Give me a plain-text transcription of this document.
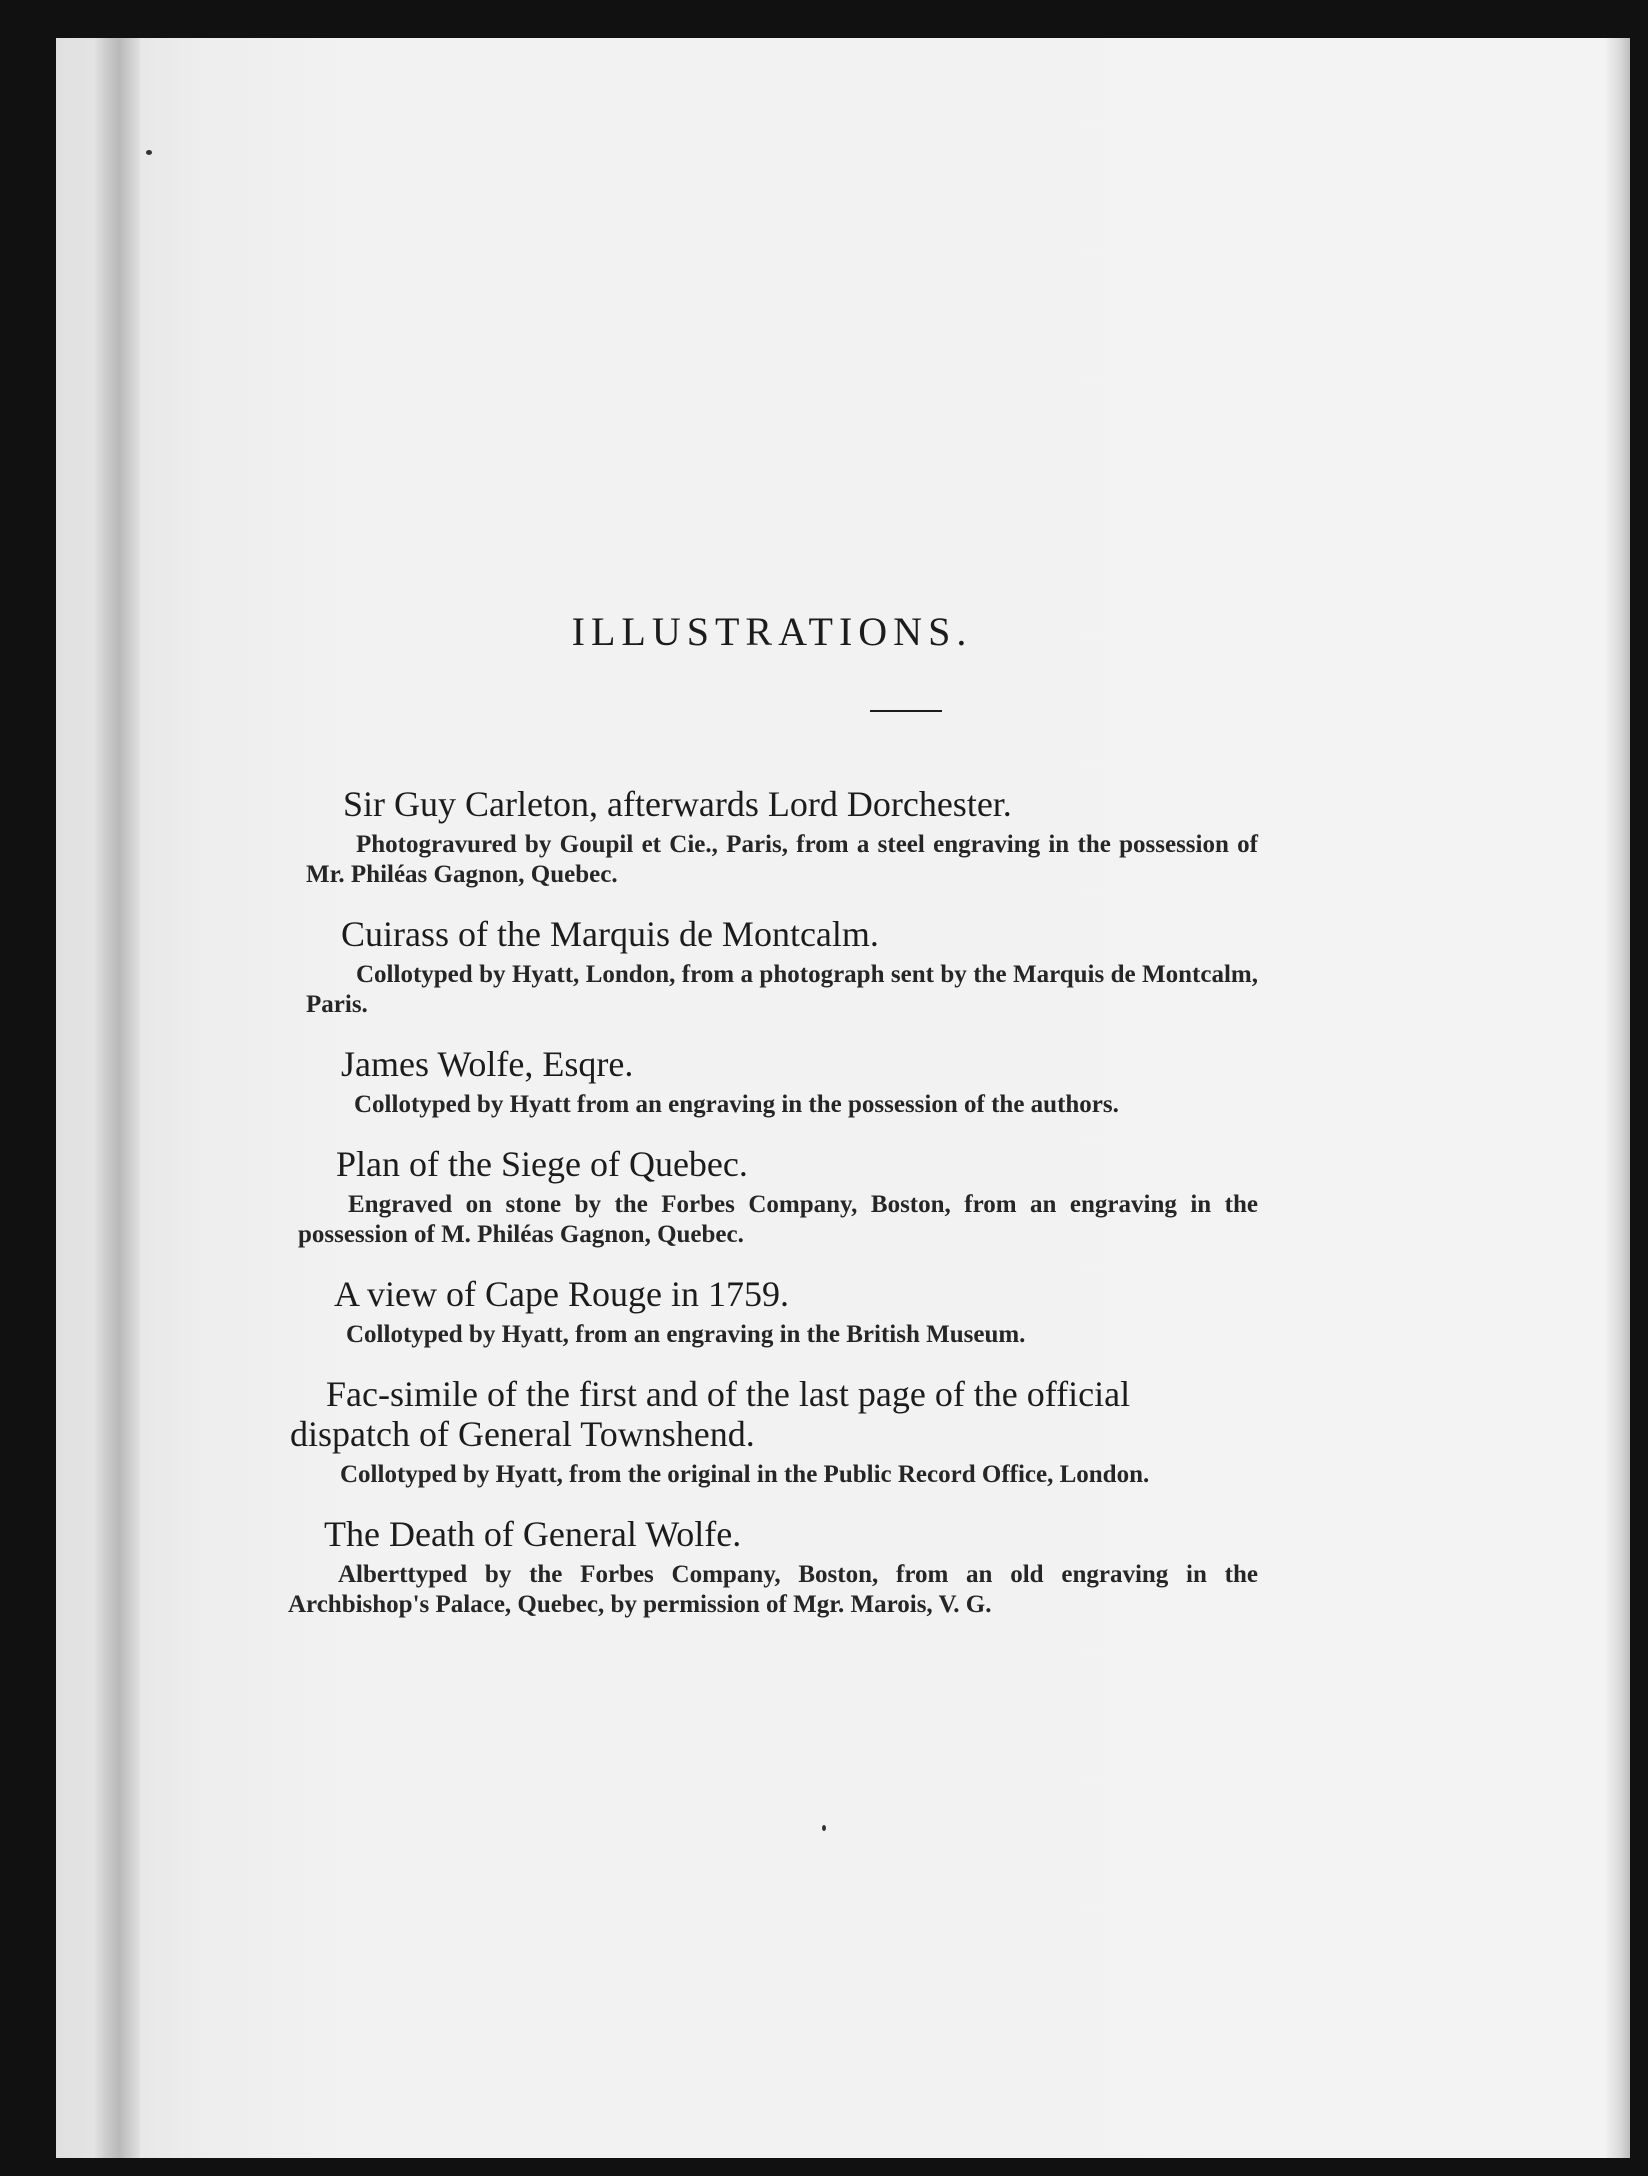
ILLUSTRATIONS.

Sir Guy Carleton, afterwards Lord Dorchester.

Photogravured by Goupil et Cie., Paris, from a steel engraving in the possession of Mr. Philéas Gagnon, Quebec.

Cuirass of the Marquis de Montcalm.

Collotyped by Hyatt, London, from a photograph sent by the Marquis de Montcalm, Paris.

James Wolfe, Esqre.

Collotyped by Hyatt from an engraving in the possession of the authors.

Plan of the Siege of Quebec.

Engraved on stone by the Forbes Company, Boston, from an engraving in the possession of M. Philéas Gagnon, Quebec.

A view of Cape Rouge in 1759.

Collotyped by Hyatt, from an engraving in the British Museum.

Fac-simile of the first and of the last page of the official dispatch of General Townshend.

Collotyped by Hyatt, from the original in the Public Record Office, London.

The Death of General Wolfe.

Alberttyped by the Forbes Company, Boston, from an old engraving in the Archbishop's Palace, Quebec, by permission of Mgr. Marois, V. G.
